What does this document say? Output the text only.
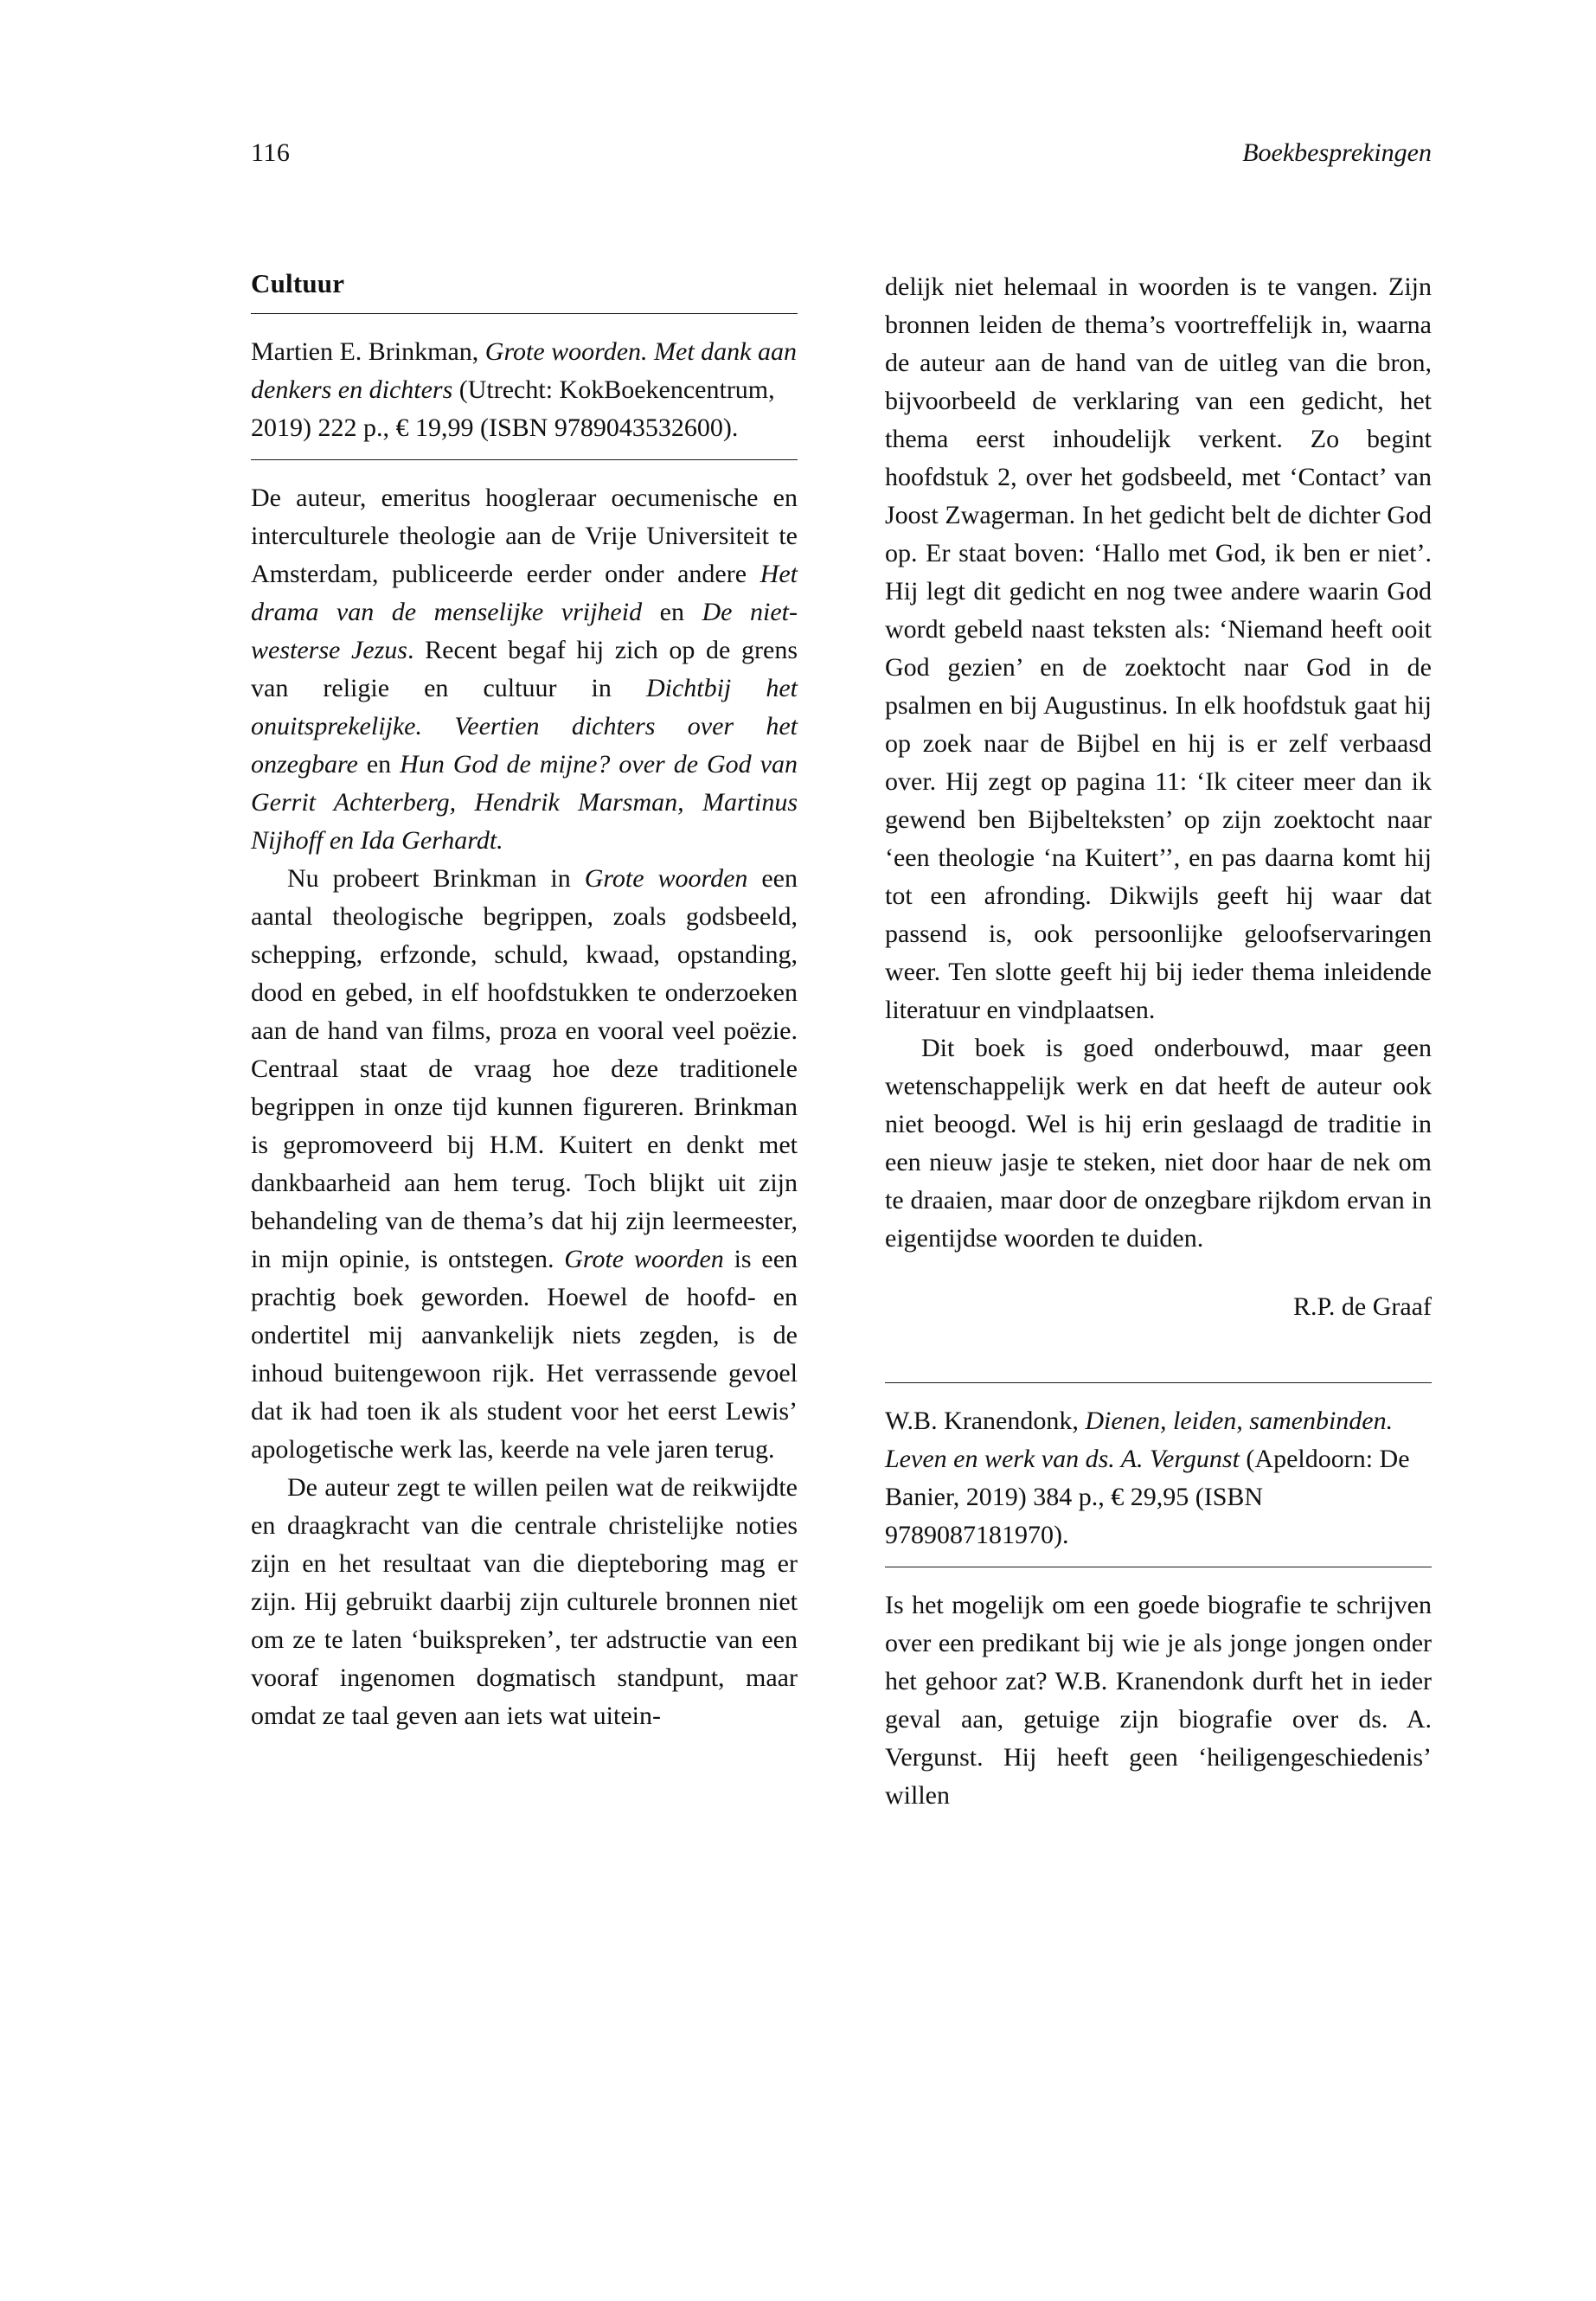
116	Boekbesprekingen
Cultuur
Martien E. Brinkman, Grote woorden. Met dank aan denkers en dichters (Utrecht: KokBoekencentrum, 2019) 222 p., € 19,99 (ISBN 9789043532600).

De auteur, emeritus hoogleraar oecumenische en interculturele theologie aan de Vrije Universiteit te Amsterdam, publiceerde eerder onder andere Het drama van de menselijke vrijheid en De niet-westerse Jezus. Recent begaf hij zich op de grens van religie en cultuur in Dichtbij het onuitsprekelijke. Veertien dichters over het onzegbare en Hun God de mijne? over de God van Gerrit Achterberg, Hendrik Marsman, Martinus Nijhoff en Ida Gerhardt.

Nu probeert Brinkman in Grote woorden een aantal theologische begrippen, zoals godsbeeld, schepping, erfzonde, schuld, kwaad, opstanding, dood en gebed, in elf hoofdstukken te onderzoeken aan de hand van films, proza en vooral veel poëzie. Centraal staat de vraag hoe deze traditionele begrippen in onze tijd kunnen figureren. Brinkman is gepromoveerd bij H.M. Kuitert en denkt met dankbaarheid aan hem terug. Toch blijkt uit zijn behandeling van de thema’s dat hij zijn leermeester, in mijn opinie, is ontstegen. Grote woorden is een prachtig boek geworden. Hoewel de hoofd- en ondertitel mij aanvankelijk niets zegden, is de inhoud buitengewoon rijk. Het verrassende gevoel dat ik had toen ik als student voor het eerst Lewis’ apologetische werk las, keerde na vele jaren terug.

De auteur zegt te willen peilen wat de reikwijdte en draagkracht van die centrale christelijke noties zijn en het resultaat van die diepteboring mag er zijn. Hij gebruikt daarbij zijn culturele bronnen niet om ze te laten ‘buikspreken’, ter adstructie van een vooraf ingenomen dogmatisch standpunt, maar omdat ze taal geven aan iets wat uitein-

delijk niet helemaal in woorden is te vangen. Zijn bronnen leiden de thema’s voortreffelijk in, waarna de auteur aan de hand van de uitleg van die bron, bijvoorbeeld de verklaring van een gedicht, het thema eerst inhoudelijk verkent. Zo begint hoofdstuk 2, over het godsbeeld, met ‘Contact’ van Joost Zwagerman. In het gedicht belt de dichter God op. Er staat boven: ‘Hallo met God, ik ben er niet’. Hij legt dit gedicht en nog twee andere waarin God wordt gebeld naast teksten als: ‘Niemand heeft ooit God gezien’ en de zoektocht naar God in de psalmen en bij Augustinus. In elk hoofdstuk gaat hij op zoek naar de Bijbel en hij is er zelf verbaasd over. Hij zegt op pagina 11: ‘Ik citeer meer dan ik gewend ben Bijbelteksten’ op zijn zoektocht naar ‘een theologie ‘na Kuitert’’, en pas daarna komt hij tot een afronding. Dikwijls geeft hij waar dat passend is, ook persoonlijke geloofservaringen weer. Ten slotte geeft hij bij ieder thema inleidende literatuur en vindplaatsen.

Dit boek is goed onderbouwd, maar geen wetenschappelijk werk en dat heeft de auteur ook niet beoogd. Wel is hij erin geslaagd de traditie in een nieuw jasje te steken, niet door haar de nek om te draaien, maar door de onzegbare rijkdom ervan in eigentijdse woorden te duiden.

R.P. de Graaf
W.B. Kranendonk, Dienen, leiden, samenbinden. Leven en werk van ds. A. Vergunst (Apeldoorn: De Banier, 2019) 384 p., € 29,95 (ISBN 9789087181970).

Is het mogelijk om een goede biografie te schrijven over een predikant bij wie je als jonge jongen onder het gehoor zat? W.B. Kranendonk durft het in ieder geval aan, getuige zijn biografie over ds. A. Vergunst. Hij heeft geen ‘heiligengeschiedenis’ willen
